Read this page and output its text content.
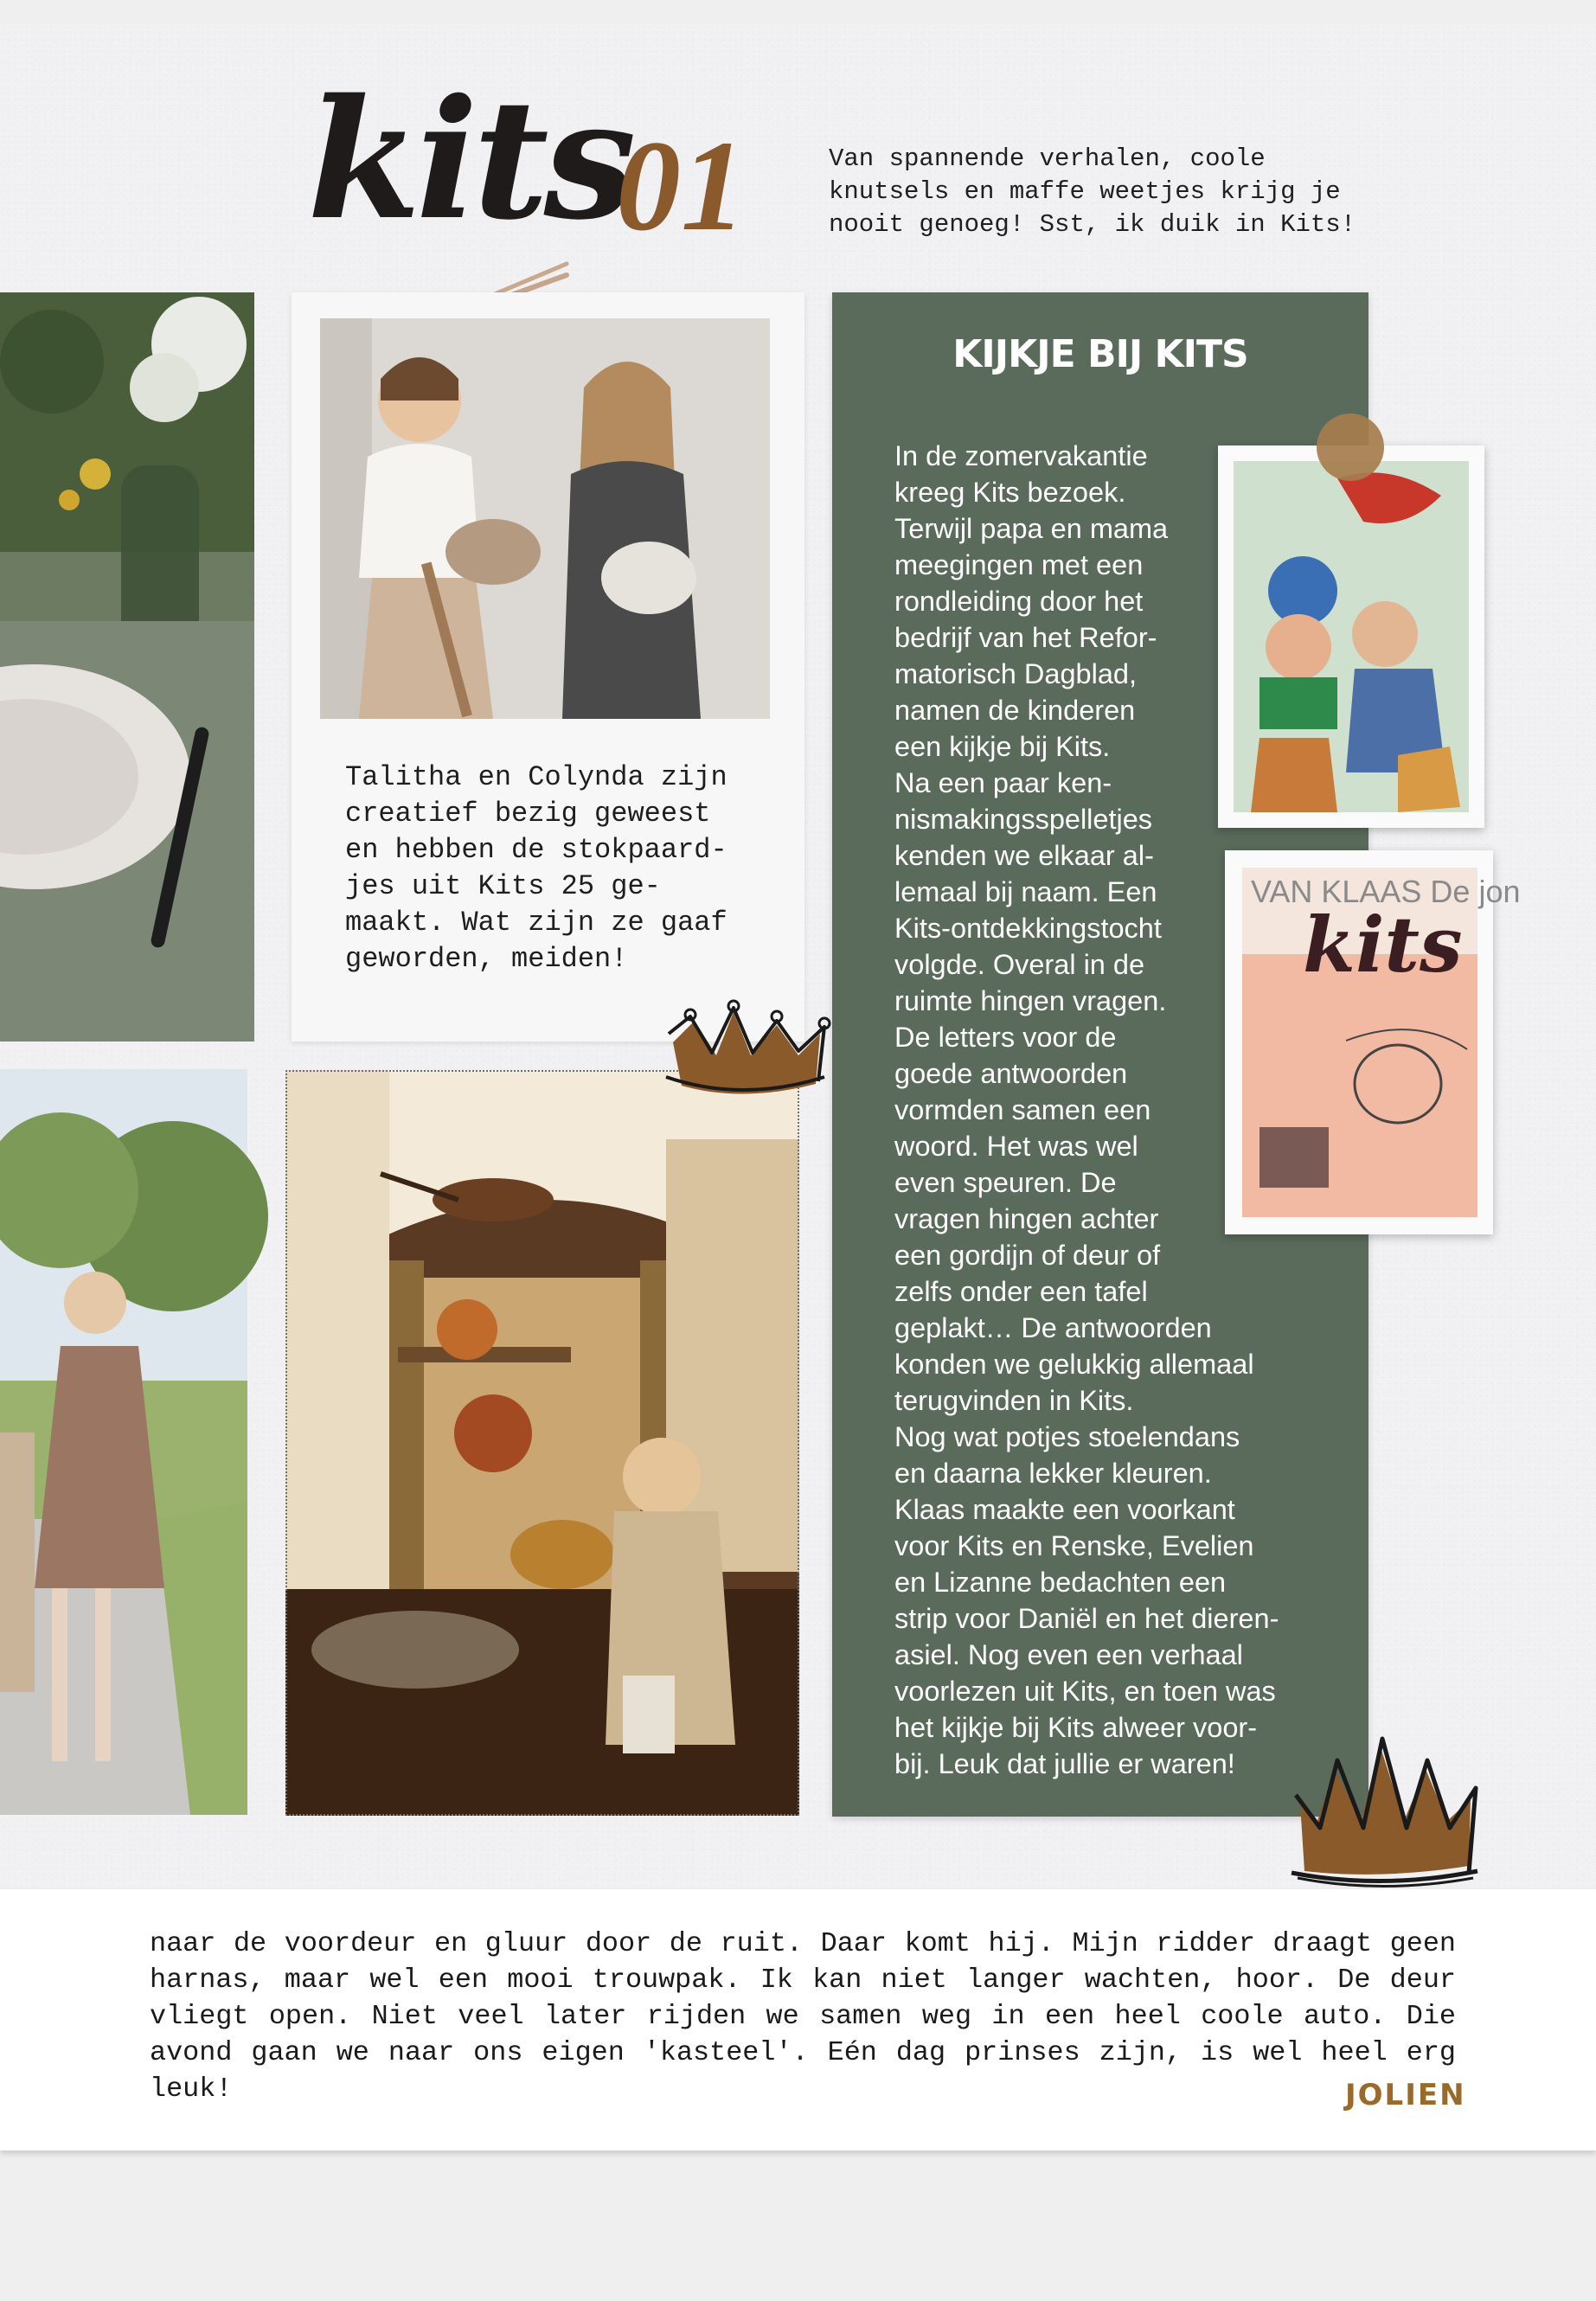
kits
01	Van spannende verhalen, coole
knutsels en maffe weetjes krijg je
nooit genoeg! Sst, ik duik in Kits!
Talitha en Colynda zijn creatief bezig geweest en hebben de stokpaard- jes uit Kits 25 ge- maakt. Wat zijn ze gaaf geworden, meiden!
KIJKJE BIJ KITS
In de zomervakantie
kreeg Kits bezoek.
Terwijl papa en mama
meegingen met een
rondleiding door het
bedrijf van het Refor-
matorisch Dagblad,
namen de kinderen
een kijkje bij Kits.
Na een paar ken-
nismakingsspelletjes
kenden we elkaar al-
lemaal bij naam. Een
Kits-ontdekkingstocht
volgde. Overal in de
ruimte hingen vragen.
De letters voor de
goede antwoorden
vormden samen een
woord. Het was wel
even speuren. De
vragen hingen achter
een gordijn of deur of
zelfs onder een tafel
geplakt… De antwoorden
konden we gelukkig allemaal
terugvinden in Kits.
Nog wat potjes stoelendans
en daarna lekker kleuren.
Klaas maakte een voorkant
voor Kits en Renske, Evelien
en Lizanne bedachten een
strip voor Daniël en het dieren-
asiel. Nog even een verhaal
voorlezen uit Kits, en toen was
het kijkje bij Kits alweer voor-
bij. Leuk dat jullie er waren!
VAN KLAAS De jon
kits
naar de voordeur en gluur door de ruit. Daar komt hij. Mijn ridder draagt geen harnas, maar wel een mooi trouwpak. Ik kan niet langer wachten, hoor. De deur vliegt open. Niet veel later rijden we samen weg in een heel coole auto. Die avond gaan we naar ons eigen 'kasteel'. Eén dag prinses zijn, is wel heel erg leuk!	JOLIEN
